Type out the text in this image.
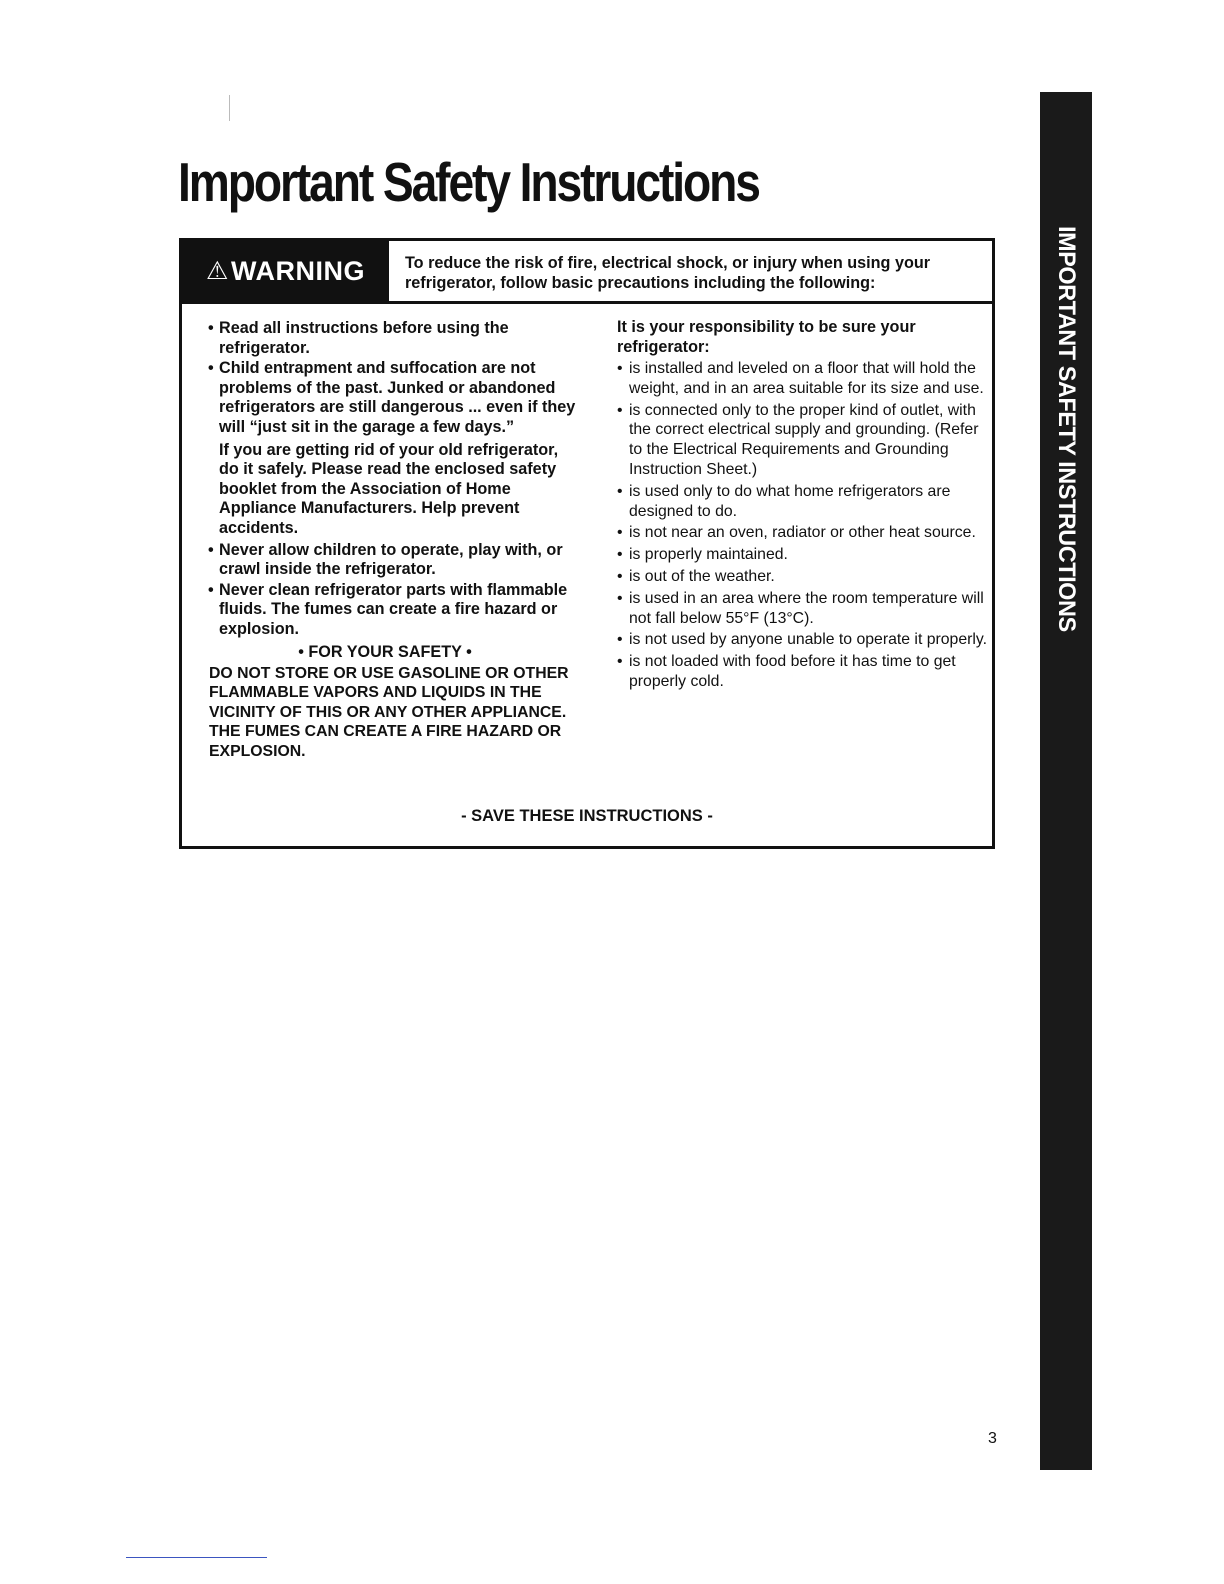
Important Safety Instructions
⚠ WARNING To reduce the risk of fire, electrical shock, or injury when using your refrigerator, follow basic precautions including the following:

• Read all instructions before using the refrigerator.
• Child entrapment and suffocation are not problems of the past. Junked or abandoned refrigerators are still dangerous ... even if they will “just sit in the garage a few days.”

If you are getting rid of your old refrigerator, do it safely. Please read the enclosed safety booklet from the Association of Home Appliance Manufacturers. Help prevent accidents.

• Never allow children to operate, play with, or crawl inside the refrigerator.
• Never clean refrigerator parts with flammable fluids. The fumes can create a fire hazard or explosion.

• FOR YOUR SAFETY •

DO NOT STORE OR USE GASOLINE OR OTHER FLAMMABLE VAPORS AND LIQUIDS IN THE VICINITY OF THIS OR ANY OTHER APPLIANCE. THE FUMES CAN CREATE A FIRE HAZARD OR EXPLOSION.

It is your responsibility to be sure your refrigerator:

• is installed and leveled on a floor that will hold the weight, and in an area suitable for its size and use.
• is connected only to the proper kind of outlet, with the correct electrical supply and grounding. (Refer to the Electrical Requirements and Grounding Instruction Sheet.)
• is used only to do what home refrigerators are designed to do.
• is not near an oven, radiator or other heat source.
• is properly maintained.
• is out of the weather.
• is used in an area where the room temperature will not fall below 55°F (13°C).
• is not used by anyone unable to operate it properly.
• is not loaded with food before it has time to get properly cold.
- SAVE THESE INSTRUCTIONS -
IMPORTANT SAFETY INSTRUCTIONS
3
